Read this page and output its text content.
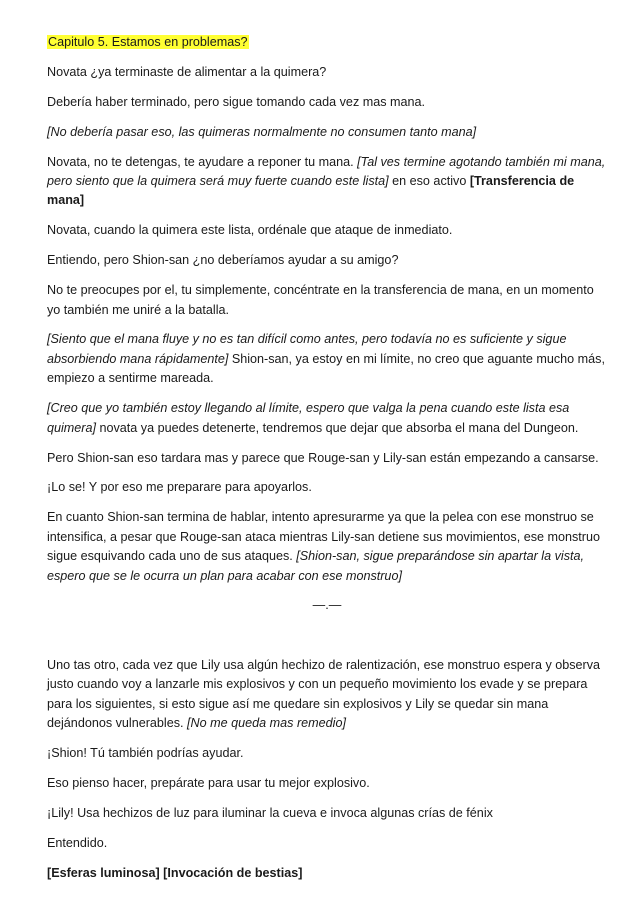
Capitulo 5. Estamos en problemas?

Novata ¿ya terminaste de alimentar a la quimera?

Debería haber terminado, pero sigue tomando cada vez mas mana.

[No debería pasar eso, las quimeras normalmente no consumen tanto mana]

Novata, no te detengas, te ayudare a reponer tu mana. [Tal ves termine agotando también mi mana, pero siento que la quimera será muy fuerte cuando este lista] en eso activo [Transferencia de mana]

Novata, cuando la quimera este lista, ordénale que ataque de inmediato.

Entiendo, pero Shion-san ¿no deberíamos ayudar a su amigo?

No te preocupes por el, tu simplemente, concéntrate en la transferencia de mana, en un momento yo también me uniré a la batalla.

[Siento que el mana fluye y no es tan difícil como antes, pero todavía no es suficiente y sigue absorbiendo mana rápidamente] Shion-san, ya estoy en mi límite, no creo que aguante mucho más, empiezo a sentirme mareada.

[Creo que yo también estoy llegando al límite, espero que valga la pena cuando este lista esa quimera] novata ya puedes detenerte, tendremos que dejar que absorba el mana del Dungeon.

Pero Shion-san eso tardara mas y parece que Rouge-san y Lily-san están empezando a cansarse.

¡Lo se! Y por eso me preparare para apoyarlos.

En cuanto Shion-san termina de hablar, intento apresurarme ya que la pelea con ese monstruo se intensifica, a pesar que Rouge-san ataca mientras Lily-san detiene sus movimientos, ese monstruo sigue esquivando cada uno de sus ataques. [Shion-san, sigue preparándose sin apartar la vista, espero que se le ocurra un plan para acabar con ese monstruo]

—.—

Uno tas otro, cada vez que Lily usa algún hechizo de ralentización, ese monstruo espera y observa justo cuando voy a lanzarle mis explosivos y con un pequeño movimiento los evade y se prepara para los siguientes, si esto sigue así me quedare sin explosivos y Lily se quedar sin mana dejándonos vulnerables. [No me queda mas remedio]

¡Shion! Tú también podrías ayudar.

Eso pienso hacer, prepárate para usar tu mejor explosivo.

¡Lily! Usa hechizos de luz para iluminar la cueva e invoca algunas crías de fénix

Entendido.

[Esferas luminosa] [Invocación de bestias]
